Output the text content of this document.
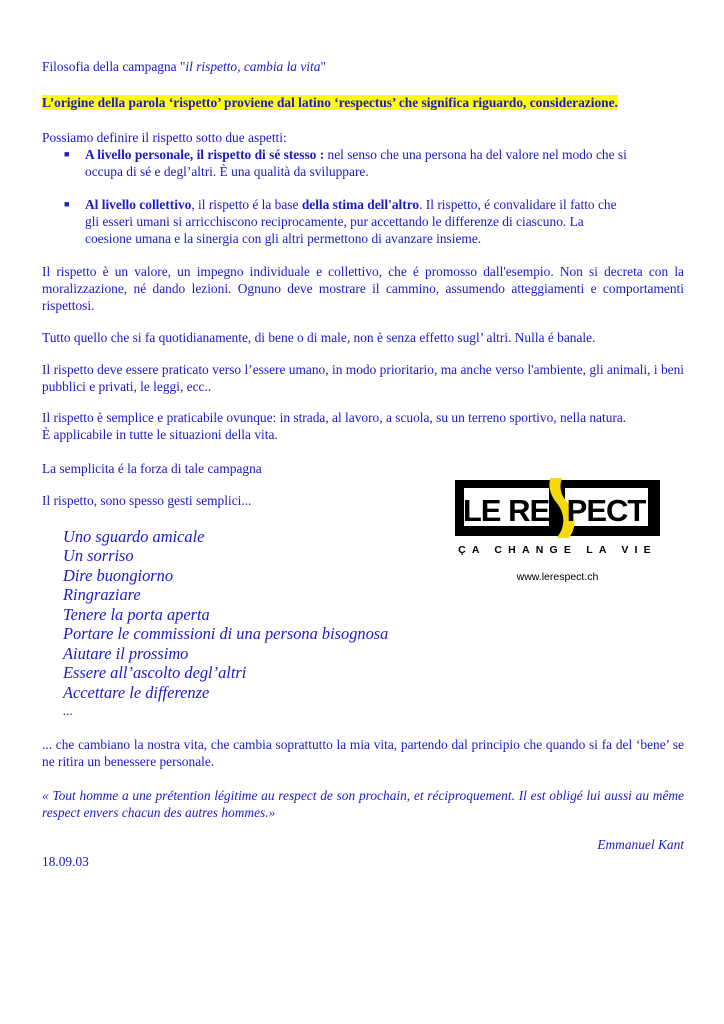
Filosofia della campagna "il rispetto, cambia la vita"
L’origine della parola ‘rispetto’ proviene dal latino ‘respectus’ che significa riguardo, considerazione.
Possiamo definire il rispetto sotto due aspetti:
■ A livello personale, il rispetto di sé stesso : nel senso che una persona ha del valore nel modo che si
occupa di sé e degl’altri. È una qualità da sviluppare.
■ Al livello collettivo, il rispetto é la base della stima dell'altro. Il rispetto, é convalidare il fatto che
gli esseri umani si arricchiscono reciprocamente, pur accettando le differenze di ciascuno. La
coesione umana e la sinergia con gli altri permettono di avanzare insieme.
Il rispetto è un valore, un impegno individuale e collettivo, che é promosso dall'esempio. Non si decreta con la moralizzazione, né dando lezioni. Ognuno deve mostrare il cammino, assumendo atteggiamenti e comportamenti rispettosi.
Tutto quello che si fa quotidianamente, di bene o di male, non è senza effetto sugl’ altri. Nulla é banale.
Il rispetto deve essere praticato verso l’essere umano, in modo prioritario, ma anche verso l'ambiente, gli animali, i beni pubblici e privati, le leggi, ecc..
Il rispetto è semplice e praticabile ovunque: in strada, al lavoro, a scuola, su un terreno sportivo, nella natura.
È applicabile in tutte le situazioni della vita.
La semplicita é la forza di tale campagna
Il rispetto, sono spesso gesti semplici...
Uno sguardo amicale
Un sorriso
Dire buongiorno
Ringraziare
Tenere la porta aperta
Portare le commissioni di una persona bisognosa
Aiutare il prossimo
Essere all’ascolto degl’altri
Accettare le differenze
...
LE RE PECT
ÇA CHANGE LA VIE
www.lerespect.ch
... che cambiano la nostra vita, che cambia soprattutto la mia vita, partendo dal principio che quando si fa del ‘bene’ se ne ritira un benessere personale.
« Tout homme a une prétention légitime au respect de son prochain, et réciproquement. Il est obligé lui aussi au même respect envers chacun des autres hommes.»
Emmanuel Kant
18.09.03
